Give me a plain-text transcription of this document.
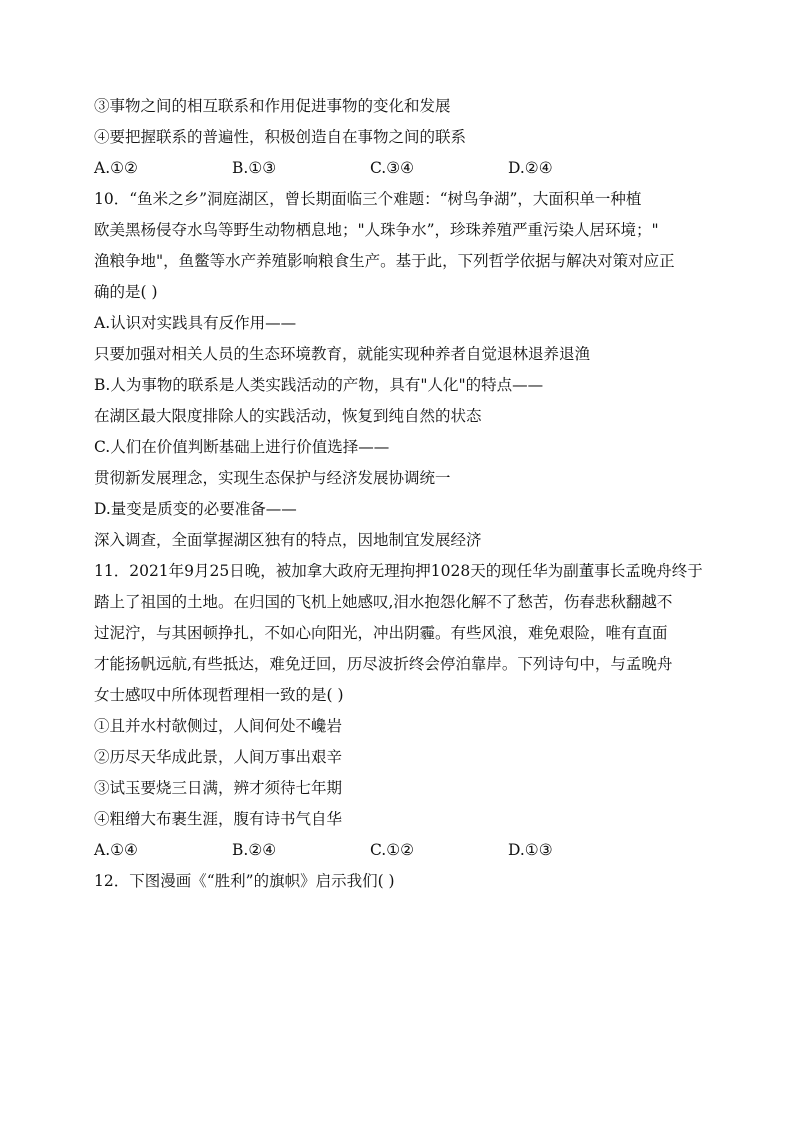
③事物之间的相互联系和作用促进事物的变化和发展
④要把握联系的普遍性，积极创造自在事物之间的联系
A.①②	B.①③	C.③④	D.②④
10．“鱼米之乡”洞庭湖区，曾长期面临三个难题：“树鸟争湖”，大面积单一种植
欧美黑杨侵夺水鸟等野生动物栖息地；"人珠争水”，珍珠养殖严重污染人居环境；"
渔粮争地"，鱼鳖等水产养殖影响粮食生产。基于此，下列哲学依据与解决对策对应正
确的是( )
A.认识对实践具有反作用——
只要加强对相关人员的生态环境教育，就能实现种养者自觉退林退养退渔
B.人为事物的联系是人类实践活动的产物，具有"人化"的特点——
在湖区最大限度排除人的实践活动，恢复到纯自然的状态
C.人们在价值判断基础上进行价值选择——
贯彻新发展理念，实现生态保护与经济发展协调统一
D.量变是质变的必要准备——
深入调查，全面掌握湖区独有的特点，因地制宜发展经济
11．2021年9月25日晚，被加拿大政府无理拘押1028天的现任华为副董事长孟晚舟终于
踏上了祖国的土地。在归国的飞机上她感叹,泪水抱怨化解不了愁苦，伤春悲秋翻越不
过泥泞，与其困顿挣扎，不如心向阳光，冲出阴霾。有些风浪，难免艰险，唯有直面
才能扬帆远航,有些抵达，难免迂回，历尽波折终会停泊靠岸。下列诗句中，与孟晚舟
女士感叹中所体现哲理相一致的是( )
①且并水村欹侧过，人间何处不巉岩
②历尽天华成此景，人间万事出艰辛
③试玉要烧三日满，辨才须待七年期
④粗缯大布裹生涯，腹有诗书气自华
A.①④	B.②④	C.①②	D.①③
12．下图漫画《“胜利”的旗帜》启示我们( )
